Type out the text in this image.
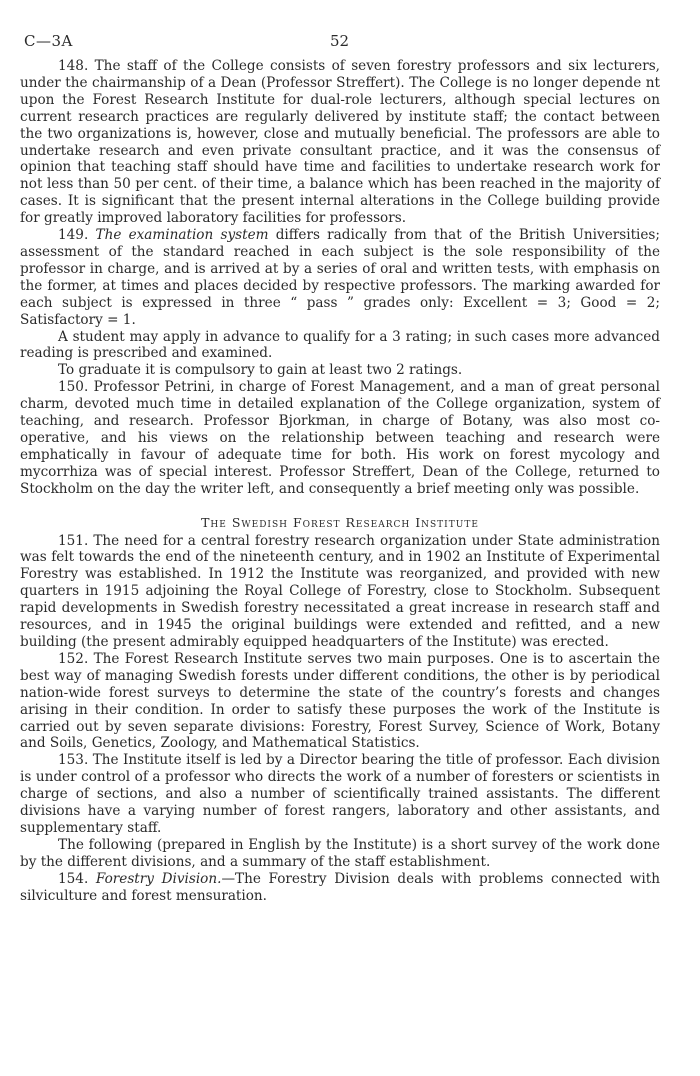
C—3A	52

148. The staff of the College consists of seven forestry professors and six lecturers, under the chairmanship of a Dean (Professor Streffert). The College is no longer depende nt upon the Forest Research Institute for dual-role lecturers, although special lectures on current research practices are regularly delivered by institute staff; the contact between the two organizations is, however, close and mutually beneficial. The professors are able to undertake research and even private consultant practice, and it was the consensus of opinion that teaching staff should have time and facilities to undertake research work for not less than 50 per cent. of their time, a balance which has been reached in the majority of cases. It is significant that the present internal alterations in the College building provide for greatly improved laboratory facilities for professors.

149. The examination system differs radically from that of the British Universities; assessment of the standard reached in each subject is the sole responsibility of the professor in charge, and is arrived at by a series of oral and written tests, with emphasis on the former, at times and places decided by respective professors. The marking awarded for each subject is expressed in three “ pass ” grades only: Excellent = 3; Good = 2; Satisfactory = 1.

A student may apply in advance to qualify for a 3 rating; in such cases more advanced reading is prescribed and examined.

To graduate it is compulsory to gain at least two 2 ratings.

150. Professor Petrini, in charge of Forest Management, and a man of great personal charm, devoted much time in detailed explanation of the College organization, system of teaching, and research. Professor Bjorkman, in charge of Botany, was also most co-operative, and his views on the relationship between teaching and research were emphatically in favour of adequate time for both. His work on forest mycology and mycorrhiza was of special interest. Professor Streffert, Dean of the College, returned to Stockholm on the day the writer left, and consequently a brief meeting only was possible.

The Swedish Forest Research Institute

151. The need for a central forestry research organization under State administration was felt towards the end of the nineteenth century, and in 1902 an Institute of Experimental Forestry was established. In 1912 the Institute was reorganized, and provided with new quarters in 1915 adjoining the Royal College of Forestry, close to Stockholm. Subsequent rapid developments in Swedish forestry necessitated a great increase in research staff and resources, and in 1945 the original buildings were extended and refitted, and a new building (the present admirably equipped headquarters of the Institute) was erected.

152. The Forest Research Institute serves two main purposes. One is to ascertain the best way of managing Swedish forests under different conditions, the other is by periodical nation-wide forest surveys to determine the state of the country’s forests and changes arising in their condition. In order to satisfy these purposes the work of the Institute is carried out by seven separate divisions: Forestry, Forest Survey, Science of Work, Botany and Soils, Genetics, Zoology, and Mathematical Statistics.

153. The Institute itself is led by a Director bearing the title of professor. Each division is under control of a professor who directs the work of a number of foresters or scientists in charge of sections, and also a number of scientifically trained assistants. The different divisions have a varying number of forest rangers, laboratory and other assistants, and supplementary staff.

The following (prepared in English by the Institute) is a short survey of the work done by the different divisions, and a summary of the staff establishment.

154. Forestry Division.—The Forestry Division deals with problems connected with silviculture and forest mensuration.
